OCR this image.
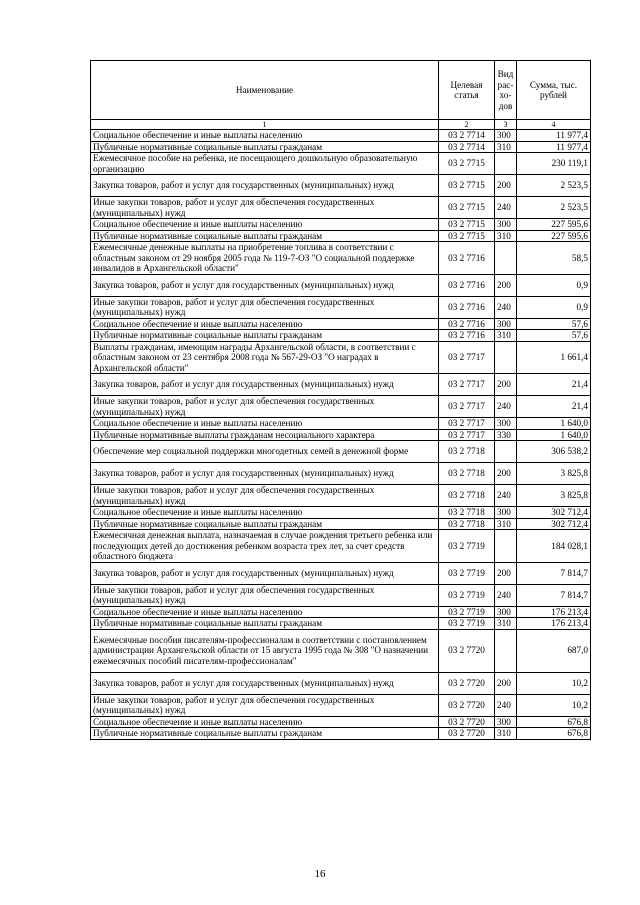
Наименование	Целевая статья	Вид рас- хо- дов	Сумма, тыс. рублей
1	2	3	4
Социальное обеспечение и иные выплаты населению	03 2 7714	300	11 977,4
Публичные нормативные социальные выплаты гражданам	03 2 7714	310	11 977,4
Ежемесячное пособие на ребенка, не посещающего дошкольную образовательную организацию	03 2 7715		230 119,1
Закупка товаров, работ и услуг для государственных (муниципальных) нужд	03 2 7715	200	2 523,5
Иные закупки товаров, работ и услуг для обеспечения государственных (муниципальных) нужд	03 2 7715	240	2 523,5
Социальное обеспечение и иные выплаты населению	03 2 7715	300	227 595,6
Публичные нормативные социальные выплаты гражданам	03 2 7715	310	227 595,6
Ежемесячные денежные выплаты на приобретение топлива в соответствии с областным законом от 29 ноября 2005 года № 119-7-ОЗ "О социальной поддержке инвалидов в Архангельской области"	03 2 7716		58,5
Закупка товаров, работ и услуг для государственных (муниципальных) нужд	03 2 7716	200	0,9
Иные закупки товаров, работ и услуг для обеспечения государственных (муниципальных) нужд	03 2 7716	240	0,9
Социальное обеспечение и иные выплаты населению	03 2 7716	300	57,6
Публичные нормативные социальные выплаты гражданам	03 2 7716	310	57,6
Выплаты гражданам, имеющим награды Архангельской области, в соответствии с областным законом от 23 сентября 2008 года № 567-29-ОЗ "О наградах в Архангельской области"	03 2 7717		1 661,4
Закупка товаров, работ и услуг для государственных (муниципальных) нужд	03 2 7717	200	21,4
Иные закупки товаров, работ и услуг для обеспечения государственных (муниципальных) нужд	03 2 7717	240	21,4
Социальное обеспечение и иные выплаты населению	03 2 7717	300	1 640,0
Публичные нормативные выплаты гражданам несоциального характера	03 2 7717	330	1 640,0
Обеспечение мер социальной поддержки многодетных семей в денежной форме	03 2 7718		306 538,2
Закупка товаров, работ и услуг для государственных (муниципальных) нужд	03 2 7718	200	3 825,8
Иные закупки товаров, работ и услуг для обеспечения государственных (муниципальных) нужд	03 2 7718	240	3 825,8
Социальное обеспечение и иные выплаты населению	03 2 7718	300	302 712,4
Публичные нормативные социальные выплаты гражданам	03 2 7718	310	302 712,4
Ежемесячная денежная выплата, назначаемая в случае рождения третьего ребенка или последующих детей до достижения ребенком возраста трех лет, за счет средств областного бюджета	03 2 7719		184 028,1
Закупка товаров, работ и услуг для государственных (муниципальных) нужд	03 2 7719	200	7 814,7
Иные закупки товаров, работ и услуг для обеспечения государственных (муниципальных) нужд	03 2 7719	240	7 814,7
Социальное обеспечение и иные выплаты населению	03 2 7719	300	176 213,4
Публичные нормативные социальные выплаты гражданам	03 2 7719	310	176 213,4
Ежемесячные пособия писателям-профессионалам в соответствии с постановлением администрации Архангельской области от 15 августа 1995 года № 308 "О назначении ежемесячных пособий писателям-профессионалам"	03 2 7720		687,0
Закупка товаров, работ и услуг для государственных (муниципальных) нужд	03 2 7720	200	10,2
Иные закупки товаров, работ и услуг для обеспечения государственных (муниципальных) нужд	03 2 7720	240	10,2
Социальное обеспечение и иные выплаты населению	03 2 7720	300	676,8
Публичные нормативные социальные выплаты гражданам	03 2 7720	310	676,8
16
